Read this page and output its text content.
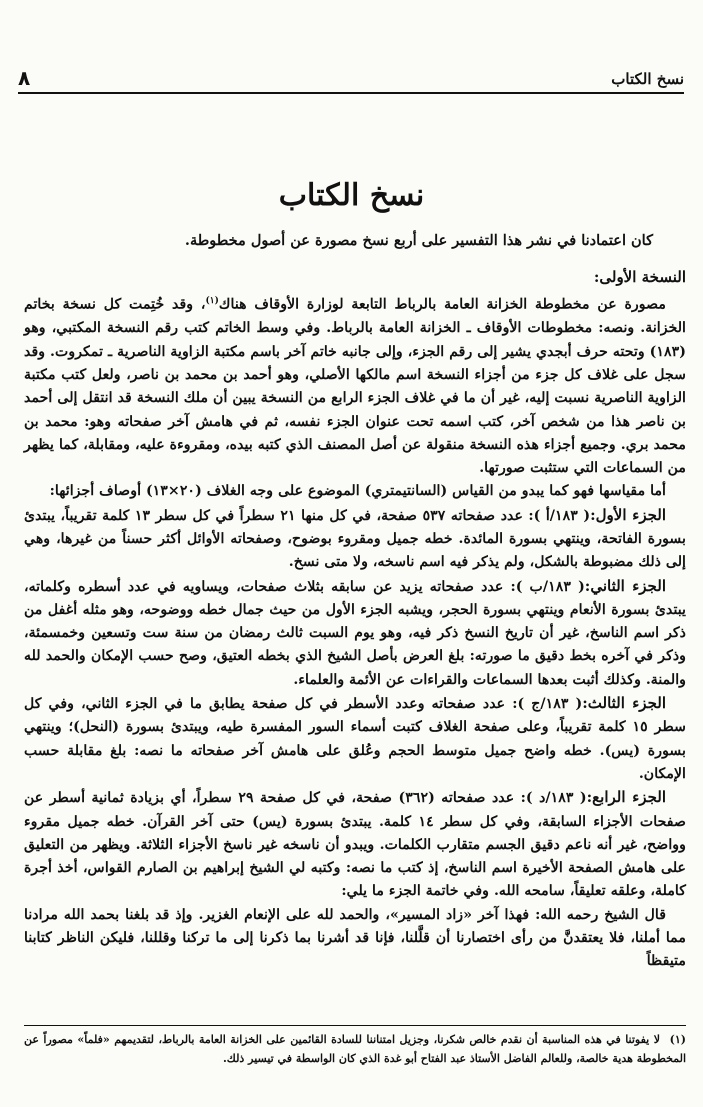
نسخ الكتاب
٨
نسخ الكتاب
كان اعتمادنا في نشر هذا التفسير على أربع نسخ مصورة عن أصول مخطوطة.

النسخة الأولى:

مصورة عن مخطوطة الخزانة العامة بالرباط التابعة لوزارة الأوقاف هناك$^{(١)}$، وقد خُتِمت كل نسخة بخاتم الخزانة. ونصه: مخطوطات الأوقاف ـ الخزانة العامة بالرباط. وفي وسط الخاتم كتب رقم النسخة المكتبي، وهو (١٨٣) وتحته حرف أبجدي يشير إلى رقم الجزء، وإلى جانبه خاتم آخر باسم مكتبة الزاوية الناصرية ـ تمكروت. وقد سجل على غلاف كل جزء من أجزاء النسخة اسم مالكها الأصلي، وهو أحمد بن محمد بن ناصر، ولعل كتب مكتبة الزاوية الناصرية نسبت إليه، غير أن ما في غلاف الجزء الرابع من النسخة يبين أن ملك النسخة قد انتقل إلى أحمد بن ناصر هذا من شخص آخر، كتب اسمه تحت عنوان الجزء نفسه، ثم في هامش آخر صفحاته وهو: محمد بن محمد بري. وجميع أجزاء هذه النسخة منقولة عن أصل المصنف الذي كتبه بيده، ومقروءة عليه، ومقابلة، كما يظهر من السماعات التي ستثبت صورتها.

أما مقياسها فهو كما يبدو من القياس (السانتيمتري) الموضوع على وجه الغلاف (٢٠×١٣) أوصاف أجزائها:

الجزء الأول:( ١٨٣/أ ): عدد صفحاته ٥٣٧ صفحة، في كل منها ٢١ سطراً في كل سطر ١٣ كلمة تقريباً، يبتدئ بسورة الفاتحة، وينتهي بسورة المائدة. خطه جميل ومقروء بوضوح، وصفحاته الأوائل أكثر حسناً من غيرها، وهي إلى ذلك مضبوطة بالشكل، ولم يذكر فيه اسم ناسخه، ولا متى نسخ.

الجزء الثاني:( ١٨٣/ب ): عدد صفحاته يزيد عن سابقه بثلاث صفحات، ويساويه في عدد أسطره وكلماته، يبتدئ بسورة الأنعام وينتهي بسورة الحجر، ويشبه الجزء الأول من حيث جمال خطه ووضوحه، وهو مثله أغفل من ذكر اسم الناسخ، غير أن تاريخ النسخ ذكر فيه، وهو يوم السبت ثالث رمضان من سنة ست وتسعين وخمسمئة، وذكر في آخره بخط دقيق ما صورته: بلغ العرض بأصل الشيخ الذي بخطه العتيق، وصح حسب الإمكان والحمد لله والمنة. وكذلك أثبت بعدها السماعات والقراءات عن الأئمة والعلماء.

الجزء الثالث:( ١٨٣/ج ): عدد صفحاته وعدد الأسطر في كل صفحة يطابق ما في الجزء الثاني، وفي كل سطر ١٥ كلمة تقريباً، وعلى صفحة الغلاف كتبت أسماء السور المفسرة طيه، ويبتدئ بسورة (النحل)؛ وينتهي بسورة (يس). خطه واضح جميل متوسط الحجم وعُلق على هامش آخر صفحاته ما نصه: بلغ مقابلة حسب الإمكان.

الجزء الرابع:( ١٨٣/د ): عدد صفحاته (٣٦٢) صفحة، في كل صفحة ٢٩ سطراً، أي بزيادة ثمانية أسطر عن صفحات الأجزاء السابقة، وفي كل سطر ١٤ كلمة. يبتدئ بسورة (يس) حتى آخر القرآن. خطه جميل مقروء وواضح، غير أنه ناعم دقيق الجسم متقارب الكلمات. ويبدو أن ناسخه غير ناسخ الأجزاء الثلاثة. ويظهر من التعليق على هامش الصفحة الأخيرة اسم الناسخ، إذ كتب ما نصه: وكتبه لي الشيخ إبراهيم بن الصارم القواس، أخذ أجرة كاملة، وعلقه تعليقاً، سامحه الله. وفي خاتمة الجزء ما يلي:

قال الشيخ رحمه الله: فهذا آخر «زاد المسير»، والحمد لله على الإنعام الغزير. وإذ قد بلغنا بحمد الله مرادنا مما أملنا، فلا يعتقدنَّ من رأى اختصارنا أن قلَّلنا، فإنا قد أشرنا بما ذكرنا إلى ما تركنا وقللنا، فليكن الناظر كتابنا متيقظاً

(١)لا يفوتنا في هذه المناسبة أن نقدم خالص شكرنا، وجزيل امتناننا للسادة القائمين على الخزانة العامة بالرباط، لتقديمهم «فلماً» مصوراً عن المخطوطة هدية خالصة، وللعالم الفاضل الأستاذ عبد الفتاح أبو غدة الذي كان الواسطة في تيسير ذلك.
